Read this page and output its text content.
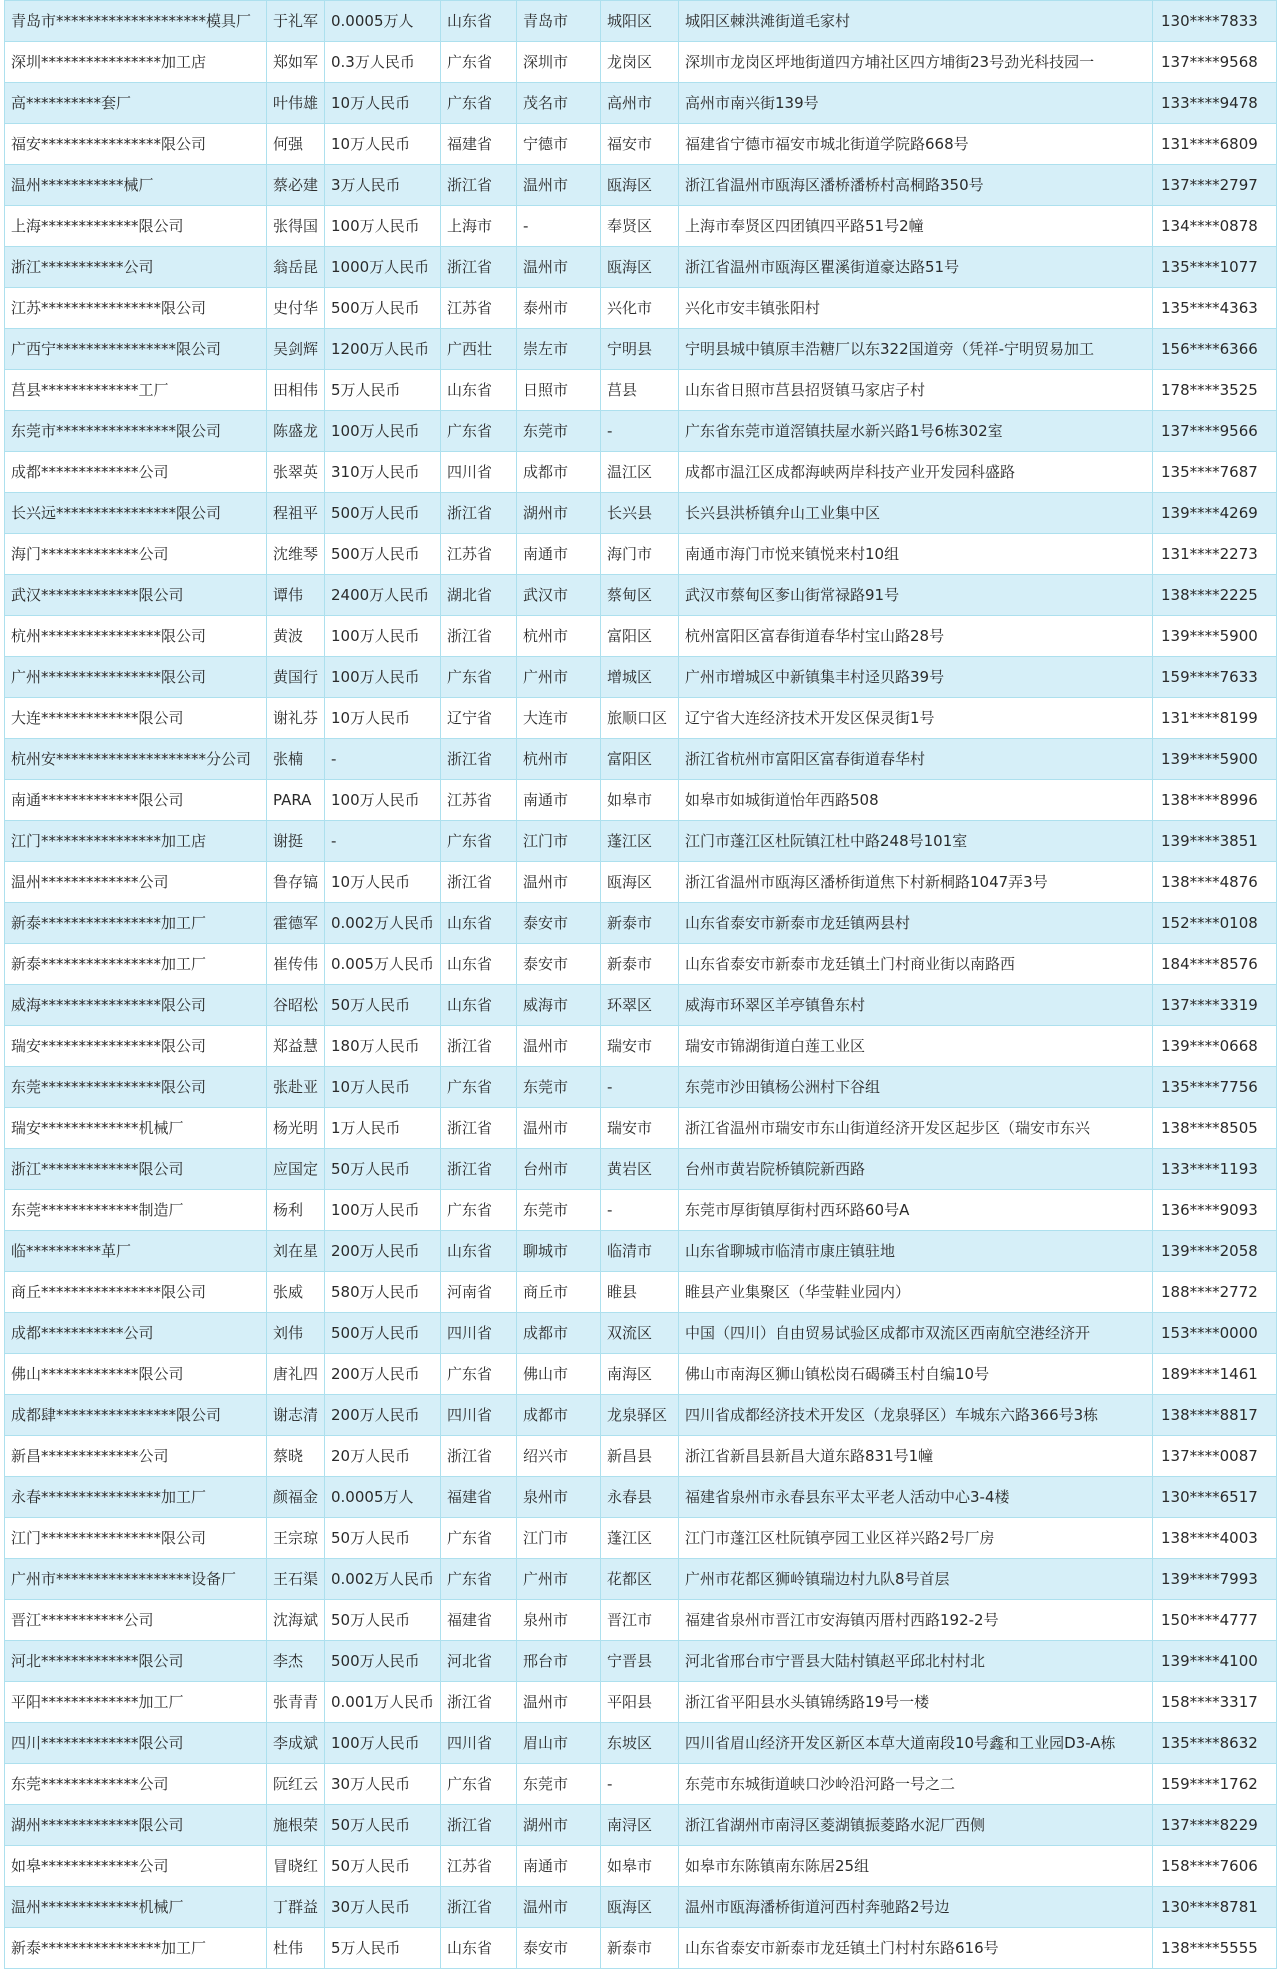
青岛市********************模具厂	于礼军	0.0005万人	山东省	青岛市	城阳区	城阳区棘洪滩街道毛家村	130****7833
深圳****************加工店	郑如军	0.3万人民币	广东省	深圳市	龙岗区	深圳市龙岗区坪地街道四方埔社区四方埔街23号劲光科技园一	137****9568
高**********套厂	叶伟雄	10万人民币	广东省	茂名市	高州市	高州市南兴街139号	133****9478
福安****************限公司	何强	10万人民币	福建省	宁德市	福安市	福建省宁德市福安市城北街道学院路668号	131****6809
温州***********械厂	蔡必建	3万人民币	浙江省	温州市	瓯海区	浙江省温州市瓯海区潘桥潘桥村高桐路350号	137****2797
上海*************限公司	张得国	100万人民币	上海市	-	奉贤区	上海市奉贤区四团镇四平路51号2幢	134****0878
浙江***********公司	翁岳昆	1000万人民币	浙江省	温州市	瓯海区	浙江省温州市瓯海区瞿溪街道豪达路51号	135****1077
江苏****************限公司	史付华	500万人民币	江苏省	泰州市	兴化市	兴化市安丰镇张阳村	135****4363
广西宁****************限公司	吴剑辉	1200万人民币	广西壮	崇左市	宁明县	宁明县城中镇原丰浩糖厂以东322国道旁（凭祥-宁明贸易加工	156****6366
莒县*************工厂	田相伟	5万人民币	山东省	日照市	莒县	山东省日照市莒县招贤镇马家店子村	178****3525
东莞市****************限公司	陈盛龙	100万人民币	广东省	东莞市	-	广东省东莞市道滘镇扶屋水新兴路1号6栋302室	137****9566
成都*************公司	张翠英	310万人民币	四川省	成都市	温江区	成都市温江区成都海峡两岸科技产业开发园科盛路	135****7687
长兴远****************限公司	程祖平	500万人民币	浙江省	湖州市	长兴县	长兴县洪桥镇弁山工业集中区	139****4269
海门*************公司	沈维琴	500万人民币	江苏省	南通市	海门市	南通市海门市悦来镇悦来村10组	131****2273
武汉*************限公司	谭伟	2400万人民币	湖北省	武汉市	蔡甸区	武汉市蔡甸区奓山街常禄路91号	138****2225
杭州****************限公司	黄波	100万人民币	浙江省	杭州市	富阳区	杭州富阳区富春街道春华村宝山路28号	139****5900
广州****************限公司	黄国行	100万人民币	广东省	广州市	增城区	广州市增城区中新镇集丰村迳贝路39号	159****7633
大连*************限公司	谢礼芬	10万人民币	辽宁省	大连市	旅顺口区	辽宁省大连经济技术开发区保灵街1号	131****8199
杭州安********************分公司	张楠	-	浙江省	杭州市	富阳区	浙江省杭州市富阳区富春街道春华村	139****5900
南通*************限公司	PARA	100万人民币	江苏省	南通市	如皋市	如皋市如城街道怡年西路508	138****8996
江门****************加工店	谢挺	-	广东省	江门市	蓬江区	江门市蓬江区杜阮镇江杜中路248号101室	139****3851
温州*************公司	鲁存镐	10万人民币	浙江省	温州市	瓯海区	浙江省温州市瓯海区潘桥街道焦下村新桐路1047弄3号	138****4876
新泰****************加工厂	霍德军	0.002万人民币	山东省	泰安市	新泰市	山东省泰安市新泰市龙廷镇两县村	152****0108
新泰****************加工厂	崔传伟	0.005万人民币	山东省	泰安市	新泰市	山东省泰安市新泰市龙廷镇土门村商业街以南路西	184****8576
威海****************限公司	谷昭松	50万人民币	山东省	威海市	环翠区	威海市环翠区羊亭镇鲁东村	137****3319
瑞安****************限公司	郑益慧	180万人民币	浙江省	温州市	瑞安市	瑞安市锦湖街道白莲工业区	139****0668
东莞****************限公司	张赴亚	10万人民币	广东省	东莞市	-	东莞市沙田镇杨公洲村下谷组	135****7756
瑞安*************机械厂	杨光明	1万人民币	浙江省	温州市	瑞安市	浙江省温州市瑞安市东山街道经济开发区起步区（瑞安市东兴	138****8505
浙江*************限公司	应国定	50万人民币	浙江省	台州市	黄岩区	台州市黄岩院桥镇院新西路	133****1193
东莞*************制造厂	杨利	100万人民币	广东省	东莞市	-	东莞市厚街镇厚街村西环路60号A	136****9093
临**********革厂	刘在星	200万人民币	山东省	聊城市	临清市	山东省聊城市临清市康庄镇驻地	139****2058
商丘****************限公司	张威	580万人民币	河南省	商丘市	睢县	睢县产业集聚区（华莹鞋业园内）	188****2772
成都***********公司	刘伟	500万人民币	四川省	成都市	双流区	中国（四川）自由贸易试验区成都市双流区西南航空港经济开	153****0000
佛山*************限公司	唐礼四	200万人民币	广东省	佛山市	南海区	佛山市南海区狮山镇松岗石碣磷玉村自编10号	189****1461
成都肆****************限公司	谢志清	200万人民币	四川省	成都市	龙泉驿区	四川省成都经济技术开发区（龙泉驿区）车城东六路366号3栋	138****8817
新昌*************公司	蔡晓	20万人民币	浙江省	绍兴市	新昌县	浙江省新昌县新昌大道东路831号1幢	137****0087
永春****************加工厂	颜福金	0.0005万人	福建省	泉州市	永春县	福建省泉州市永春县东平太平老人活动中心3-4楼	130****6517
江门****************限公司	王宗琼	50万人民币	广东省	江门市	蓬江区	江门市蓬江区杜阮镇亭园工业区祥兴路2号厂房	138****4003
广州市******************设备厂	王石渠	0.002万人民币	广东省	广州市	花都区	广州市花都区狮岭镇瑞边村九队8号首层	139****7993
晋江***********公司	沈海斌	50万人民币	福建省	泉州市	晋江市	福建省泉州市晋江市安海镇丙厝村西路192-2号	150****4777
河北*************限公司	李杰	500万人民币	河北省	邢台市	宁晋县	河北省邢台市宁晋县大陆村镇赵平邱北村村北	139****4100
平阳*************加工厂	张青青	0.001万人民币	浙江省	温州市	平阳县	浙江省平阳县水头镇锦绣路19号一楼	158****3317
四川*************限公司	李成斌	100万人民币	四川省	眉山市	东坡区	四川省眉山经济开发区新区本草大道南段10号鑫和工业园D3-A栋	135****8632
东莞*************公司	阮红云	30万人民币	广东省	东莞市	-	东莞市东城街道峡口沙岭沿河路一号之二	159****1762
湖州*************限公司	施根荣	50万人民币	浙江省	湖州市	南浔区	浙江省湖州市南浔区菱湖镇振菱路水泥厂西侧	137****8229
如皋*************公司	冒晓红	50万人民币	江苏省	南通市	如皋市	如皋市东陈镇南东陈居25组	158****7606
温州*************机械厂	丁群益	30万人民币	浙江省	温州市	瓯海区	温州市瓯海潘桥街道河西村奔驰路2号边	130****8781
新泰****************加工厂	杜伟	5万人民币	山东省	泰安市	新泰市	山东省泰安市新泰市龙廷镇土门村村东路616号	138****5555
